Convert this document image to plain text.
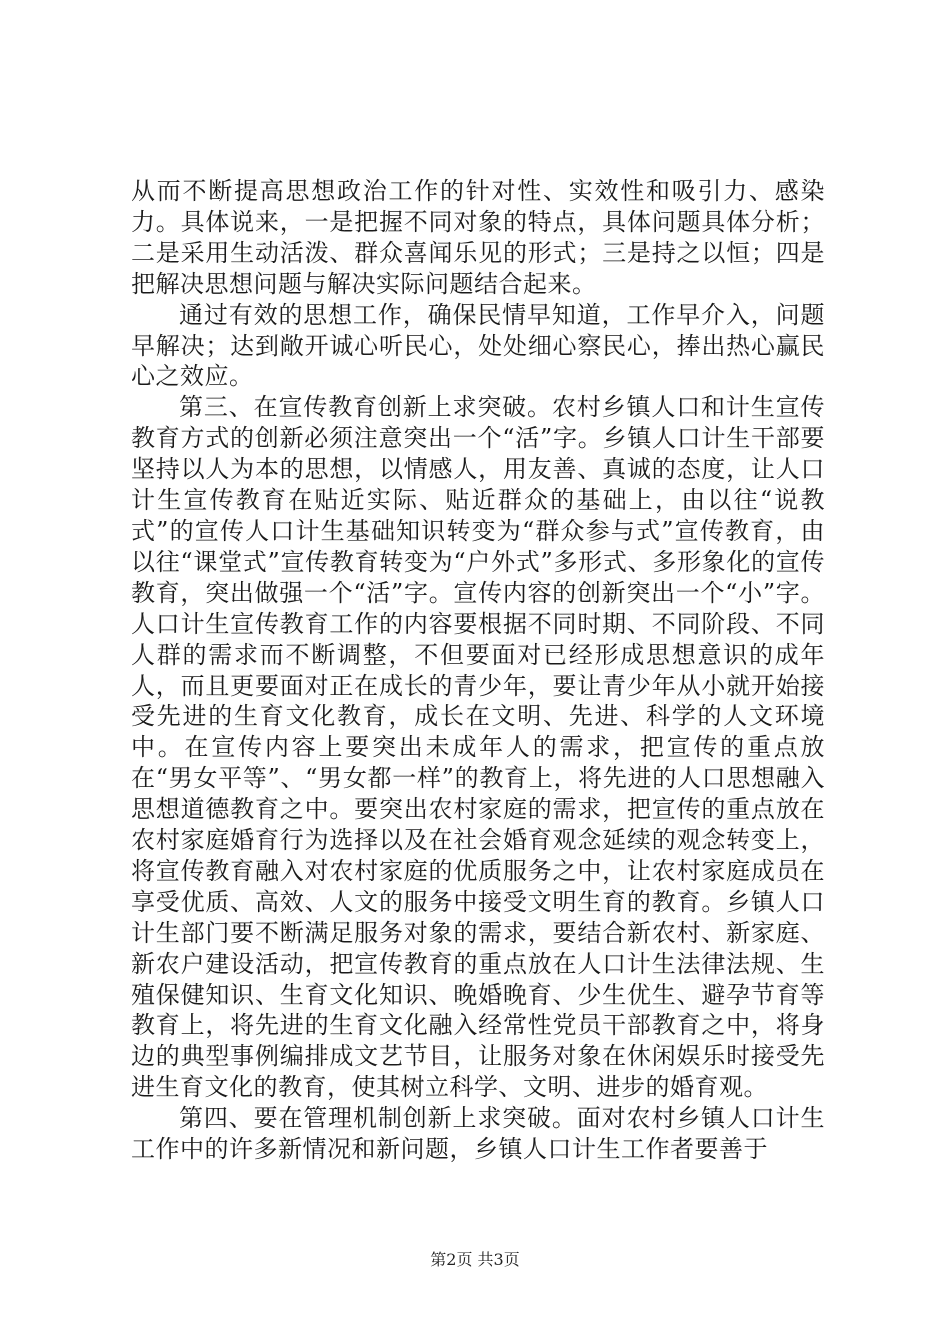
从而不断提高思想政治工作的针对性、实效性和吸引力、感染力。具体说来，一是把握不同对象的特点，具体问题具体分析；二是采用生动活泼、群众喜闻乐见的形式；三是持之以恒；四是把解决思想问题与解决实际问题结合起来。

通过有效的思想工作，确保民情早知道，工作早介入，问题早解决；达到敞开诚心听民心，处处细心察民心，捧出热心赢民心之效应。

第三、在宣传教育创新上求突破。农村乡镇人口和计生宣传教育方式的创新必须注意突出一个“活”字。乡镇人口计生干部要坚持以人为本的思想，以情感人，用友善、真诚的态度，让人口计生宣传教育在贴近实际、贴近群众的基础上，由以往“说教式”的宣传人口计生基础知识转变为“群众参与式”宣传教育，由以往“课堂式”宣传教育转变为“户外式”多形式、多形象化的宣传教育，突出做强一个“活”字。宣传内容的创新突出一个“小”字。人口计生宣传教育工作的内容要根据不同时期、不同阶段、不同人群的需求而不断调整，不但要面对已经形成思想意识的成年人，而且更要面对正在成长的青少年，要让青少年从小就开始接受先进的生育文化教育，成长在文明、先进、科学的人文环境中。在宣传内容上要突出未成年人的需求，把宣传的重点放在“男女平等”、“男女都一样”的教育上，将先进的人口思想融入思想道德教育之中。要突出农村家庭的需求，把宣传的重点放在农村家庭婚育行为选择以及在社会婚育观念延续的观念转变上，将宣传教育融入对农村家庭的优质服务之中，让农村家庭成员在享受优质、高效、人文的服务中接受文明生育的教育。乡镇人口计生部门要不断满足服务对象的需求，要结合新农村、新家庭、新农户建设活动，把宣传教育的重点放在人口计生法律法规、生殖保健知识、生育文化知识、晚婚晚育、少生优生、避孕节育等教育上，将先进的生育文化融入经常性党员干部教育之中，将身边的典型事例编排成文艺节目，让服务对象在休闲娱乐时接受先进生育文化的教育，使其树立科学、文明、进步的婚育观。

第四、要在管理机制创新上求突破。面对农村乡镇人口计生工作中的许多新情况和新问题，乡镇人口计生工作者要善于

第2页 共3页
